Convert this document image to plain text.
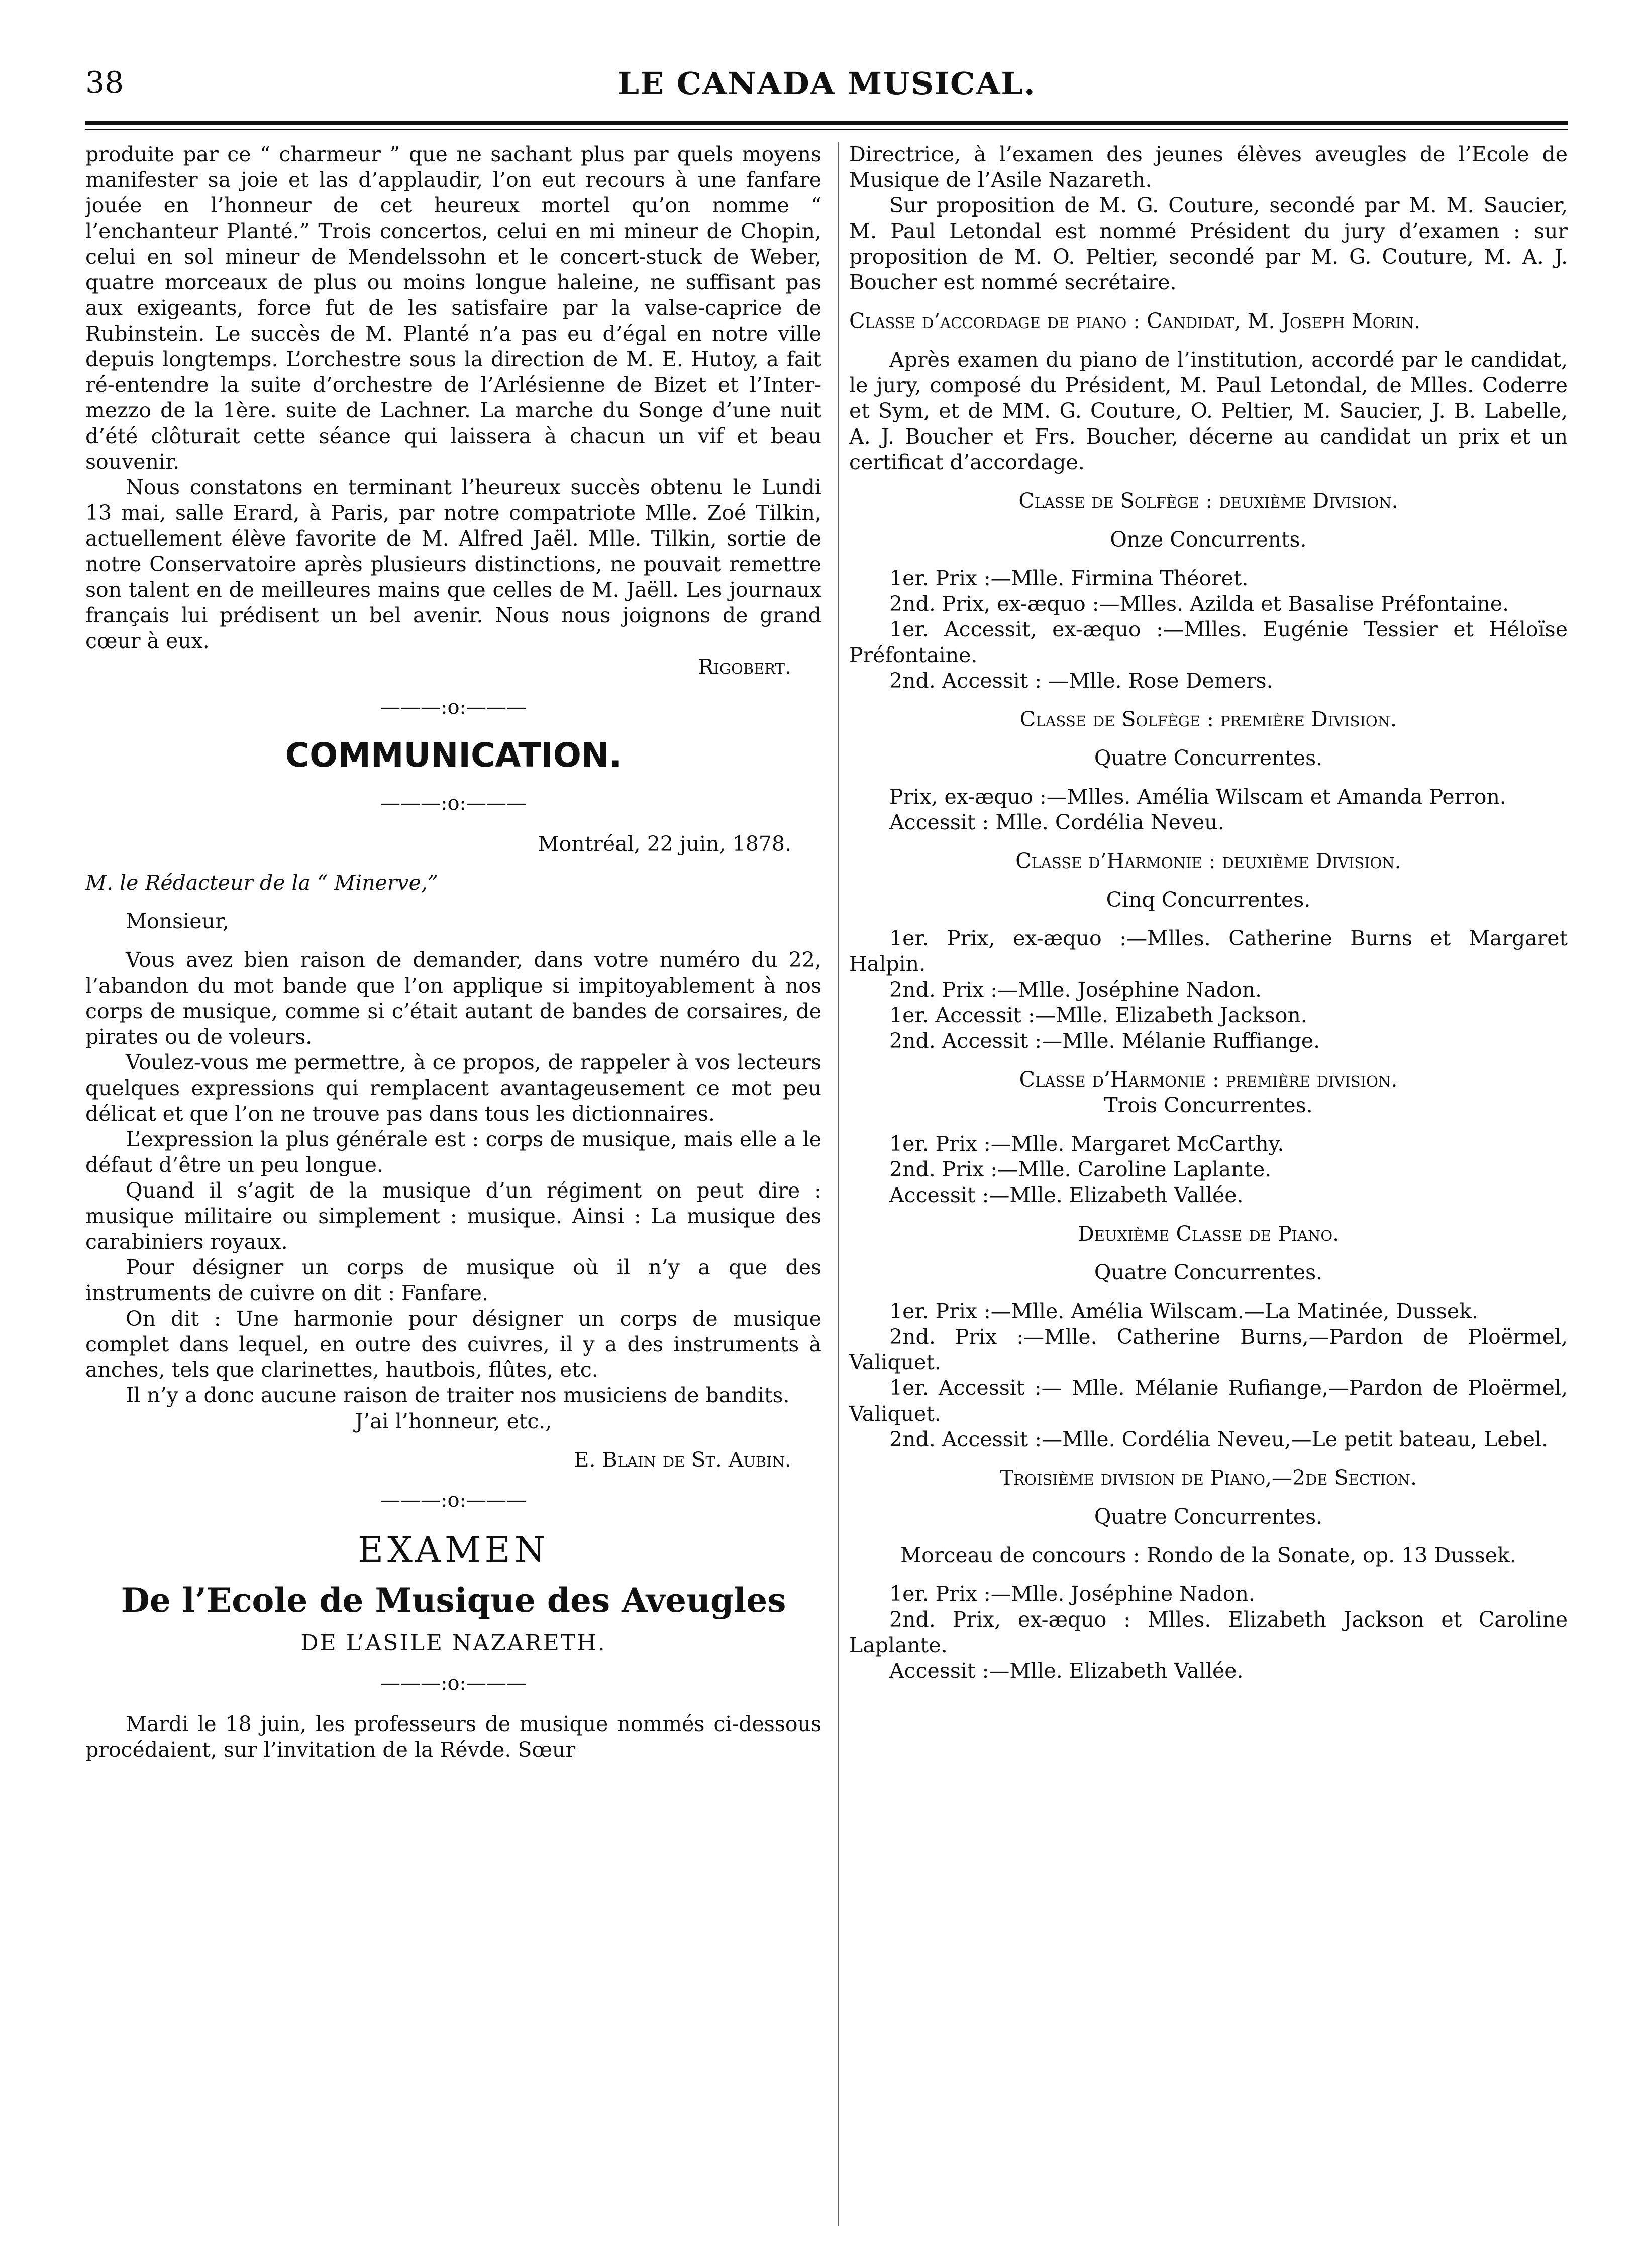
38	LE CANADA MUSICAL.

produite par ce “ charmeur ” que ne sachant plus par quels moyens manifester sa joie et las d’applaudir, l’on eut recours à une fanfare jouée en l’honneur de cet heureux mortel qu’on nomme “ l’enchanteur Planté.” Trois concertos, celui en mi mineur de Chopin, celui en sol mineur de Mendelssohn et le concert-stuck de Weber, quatre morceaux de plus ou moins longue haleine, ne suffisant pas aux exigeants, force fut de les satisfaire par la valse-caprice de Rubinstein. Le succès de M. Planté n’a pas eu d’égal en notre ville depuis longtemps. L’orchestre sous la direction de M. E. Hutoy, a fait ré-entendre la suite d’orchestre de l’Arlésienne de Bizet et l’Inter-mezzo de la 1ère. suite de Lachner. La marche du Songe d’une nuit d’été clôturait cette séance qui laissera à chacun un vif et beau souvenir.

Nous constatons en terminant l’heureux succès obtenu le Lundi 13 mai, salle Erard, à Paris, par notre compatriote Mlle. Zoé Tilkin, actuellement élève favorite de M. Alfred Jaël. Mlle. Tilkin, sortie de notre Conservatoire après plusieurs distinctions, ne pouvait remettre son talent en de meilleures mains que celles de M. Jaëll. Les journaux français lui prédisent un bel avenir. Nous nous joignons de grand cœur à eux.

Rigobert.

———:o:———
COMMUNICATION.
———:o:———

Montréal, 22 juin, 1878.

M. le Rédacteur de la “ Minerve,”

Monsieur,

Vous avez bien raison de demander, dans votre numéro du 22, l’abandon du mot bande que l’on applique si impitoyablement à nos corps de musique, comme si c’était autant de bandes de corsaires, de pirates ou de voleurs.

Voulez-vous me permettre, à ce propos, de rappeler à vos lecteurs quelques expressions qui remplacent avantageusement ce mot peu délicat et que l’on ne trouve pas dans tous les dictionnaires.

L’expression la plus générale est : corps de musique, mais elle a le défaut d’être un peu longue.

Quand il s’agit de la musique d’un régiment on peut dire : musique militaire ou simplement : musique. Ainsi : La musique des carabiniers royaux.

Pour désigner un corps de musique où il n’y a que des instruments de cuivre on dit : Fanfare.

On dit : Une harmonie pour désigner un corps de musique complet dans lequel, en outre des cuivres, il y a des instruments à anches, tels que clarinettes, hautbois, flûtes, etc.

Il n’y a donc aucune raison de traiter nos musiciens de bandits.

J’ai l’honneur, etc.,

E. Blain de St. Aubin.

———:o:———
EXAMEN
De l’Ecole de Musique des Aveugles
DE L’ASILE NAZARETH.
———:o:———

Mardi le 18 juin, les professeurs de musique nommés ci-dessous procédaient, sur l’invitation de la Révde. Sœur

Directrice, à l’examen des jeunes élèves aveugles de l’Ecole de Musique de l’Asile Nazareth.

Sur proposition de M. G. Couture, secondé par M. M. Saucier, M. Paul Letondal est nommé Président du jury d’examen : sur proposition de M. O. Peltier, secondé par M. G. Couture, M. A. J. Boucher est nommé secrétaire.

Classe d’accordage de piano : Candidat, M. Joseph Morin.

Après examen du piano de l’institution, accordé par le candidat, le jury, composé du Président, M. Paul Letondal, de Mlles. Coderre et Sym, et de MM. G. Couture, O. Peltier, M. Saucier, J. B. Labelle, A. J. Boucher et Frs. Boucher, décerne au candidat un prix et un certificat d’accordage.

Classe de Solfège : deuxième Division.

Onze Concurrents.

1er. Prix :—Mlle. Firmina Théoret.

2nd. Prix, ex-æquo :—Mlles. Azilda et Basalise Préfontaine.

1er. Accessit, ex-æquo :—Mlles. Eugénie Tessier et Héloïse Préfontaine.

2nd. Accessit : —Mlle. Rose Demers.

Classe de Solfège : première Division.

Quatre Concurrentes.

Prix, ex-æquo :—Mlles. Amélia Wilscam et Amanda Perron.

Accessit : Mlle. Cordélia Neveu.

Classe d’Harmonie : deuxième Division.

Cinq Concurrentes.

1er. Prix, ex-æquo :—Mlles. Catherine Burns et Margaret Halpin.

2nd. Prix :—Mlle. Joséphine Nadon.

1er. Accessit :—Mlle. Elizabeth Jackson.

2nd. Accessit :—Mlle. Mélanie Ruffiange.

Classe d’Harmonie : première division.

Trois Concurrentes.

1er. Prix :—Mlle. Margaret McCarthy.

2nd. Prix :—Mlle. Caroline Laplante.

Accessit :—Mlle. Elizabeth Vallée.

Deuxième Classe de Piano.

Quatre Concurrentes.

1er. Prix :—Mlle. Amélia Wilscam.—La Matinée, Dussek.

2nd. Prix :—Mlle. Catherine Burns,—Pardon de Ploërmel, Valiquet.

1er. Accessit :— Mlle. Mélanie Rufiange,—Pardon de Ploërmel, Valiquet.

2nd. Accessit :—Mlle. Cordélia Neveu,—Le petit bateau, Lebel.

Troisième division de Piano,—2de Section.

Quatre Concurrentes.

Morceau de concours : Rondo de la Sonate, op. 13 Dussek.

1er. Prix :—Mlle. Joséphine Nadon.

2nd. Prix, ex-æquo : Mlles. Elizabeth Jackson et Caroline Laplante.

Accessit :—Mlle. Elizabeth Vallée.
